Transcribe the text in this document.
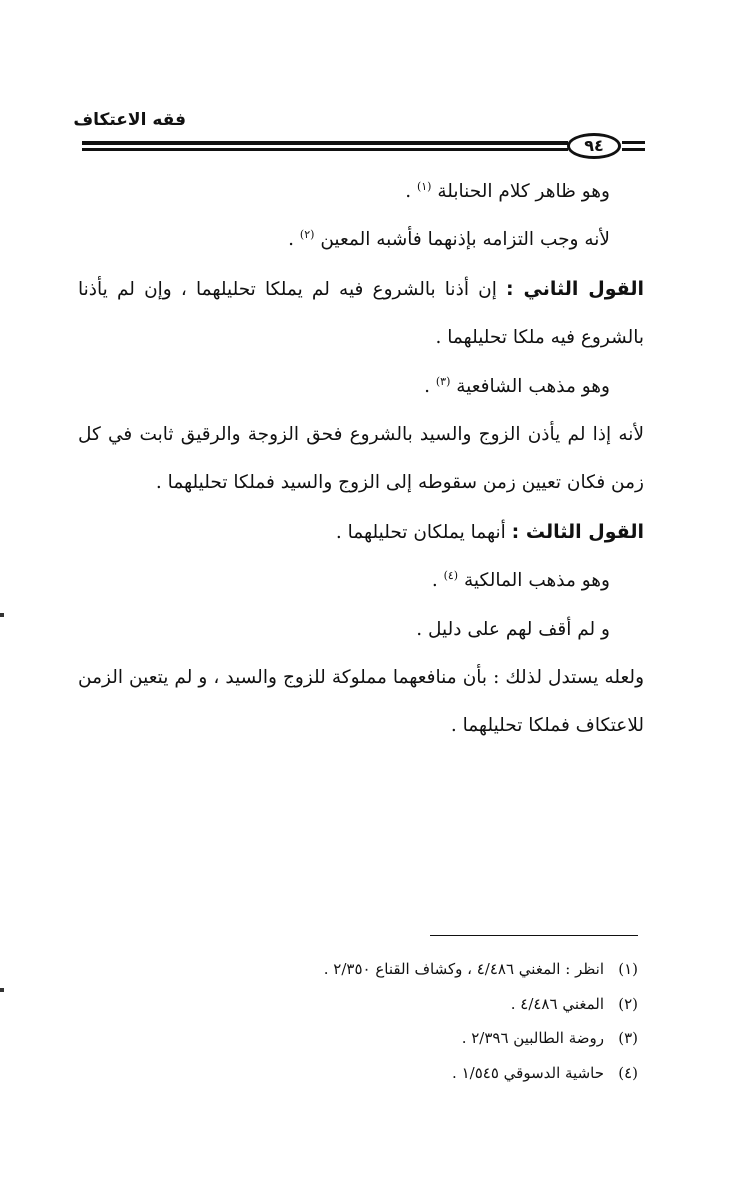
فقه الاعتكاف
٩٤

وهو ظاهر كلام الحنابلة $^{(١)}$ .

لأنه وجب التزامه بإذنهما فأشبه المعين $^{(٢)}$ .

القول الثاني : إن أذنا بالشروع فيه لم يملكا تحليلهما ، وإن لم يأذنا بالشروع فيه ملكا تحليلهما .

وهو مذهب الشافعية $^{(٣)}$ .

لأنه إذا لم يأذن الزوج والسيد بالشروع فحق الزوجة والرقيق ثابت في كل زمن فكان تعيين زمن سقوطه إلى الزوج والسيد فملكا تحليلهما .

القول الثالث : أنهما يملكان تحليلهما .

وهو مذهب المالكية $^{(٤)}$ .

و لم أقف لهم على دليل .

ولعله يستدل لذلك : بأن منافعهما مملوكة للزوج والسيد ، و لم يتعين الزمن للاعتكاف فملكا تحليلهما .

(١)انظر : المغني ٤/٤٨٦ ، وكشاف القناع ٢/٣٥٠ .

(٢)المغني ٤/٤٨٦ .

(٣)روضة الطالبين ٢/٣٩٦ .

(٤)حاشية الدسوقي ١/٥٤٥ .
